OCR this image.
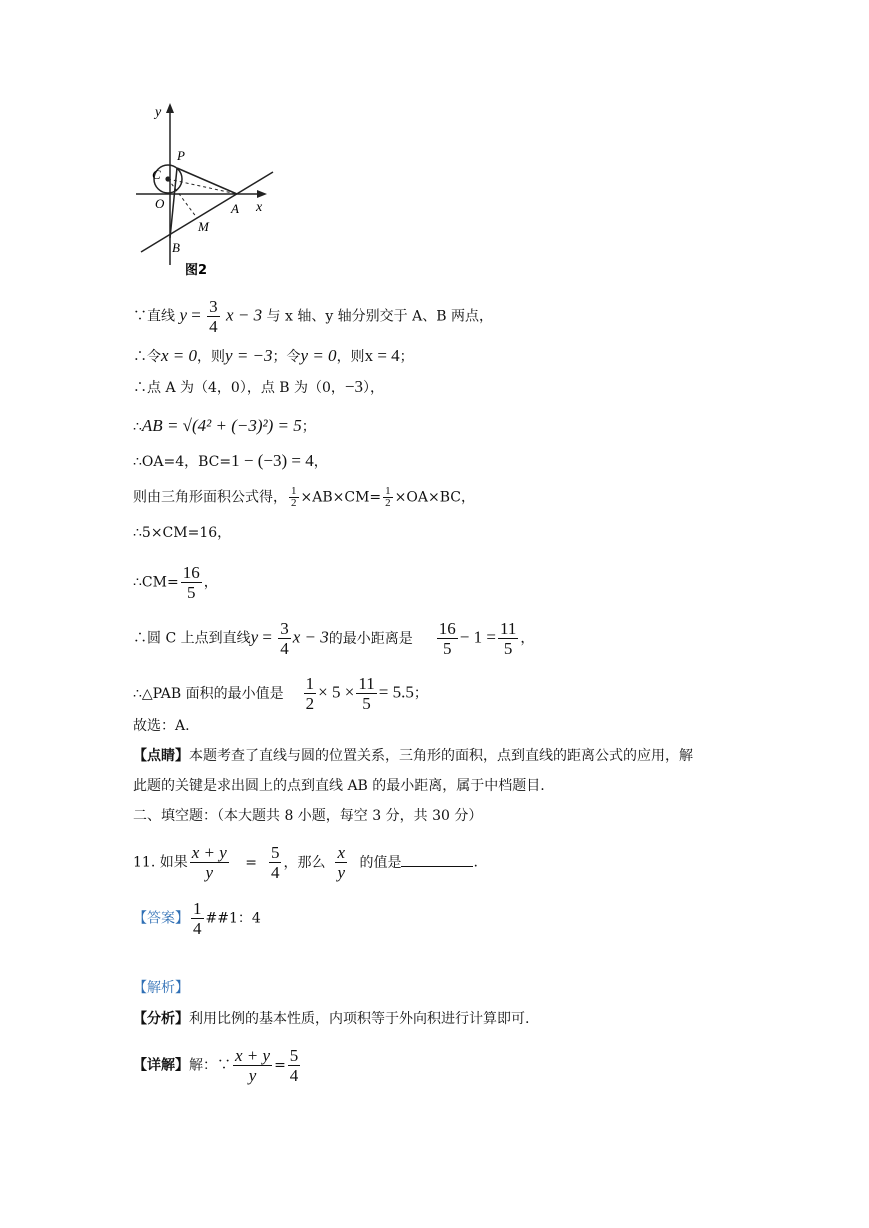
y
x
P
C
O	A
M
B
图2
∵直线 $y = \frac{3}{4}$ x − 3 与 x 轴、y 轴分别交于 A、B 两点，
∴令x = 0，则y = −3；令y = 0，则x = 4；
∴点 A 为（4，0），点 B 为（0，−3），
∴AB = √(4² + (−3)²) = 5；
∴OA=4，BC=1 − (−3) = 4，
则由三角形面积公式得， $\frac{1}{2} \times AB\times CM= \frac{1}{2} \times OA\times BC$，
∴5×CM=16，
∴CM= $\frac{16}{5}$ ，
∴圆 C 上点到直线$y = \frac{3}{4}$ x − 3的最小距离是 $\frac{16}{5} - 1 = \frac{11}{5}$ ，
∴△PAB 面积的最小值是 $\frac{1}{2} \times 5 \times \frac{11}{5} = 5.5$；
故选：A.
【点睛】本题考查了直线与圆的位置关系，三角形的面积，点到直线的距离公式的应用，解
此题的关键是求出圆上的点到直线 AB 的最小距离，属于中档题目.
二、填空题：（本大题共 8 小题，每空 3 分，共 30 分）
11. 如果 $\frac{x + y}{y} = \frac{5}{4}$ ，那么 $\frac{x}{y}$ 的值是	.
【答案】 $\frac{1}{4}$ ##1：4
【解析】
【分析】利用比例的基本性质，内项积等于外向积进行计算即可.
【详解】解：∵ $\frac{x + y}{y} = \frac{5}{4}$
